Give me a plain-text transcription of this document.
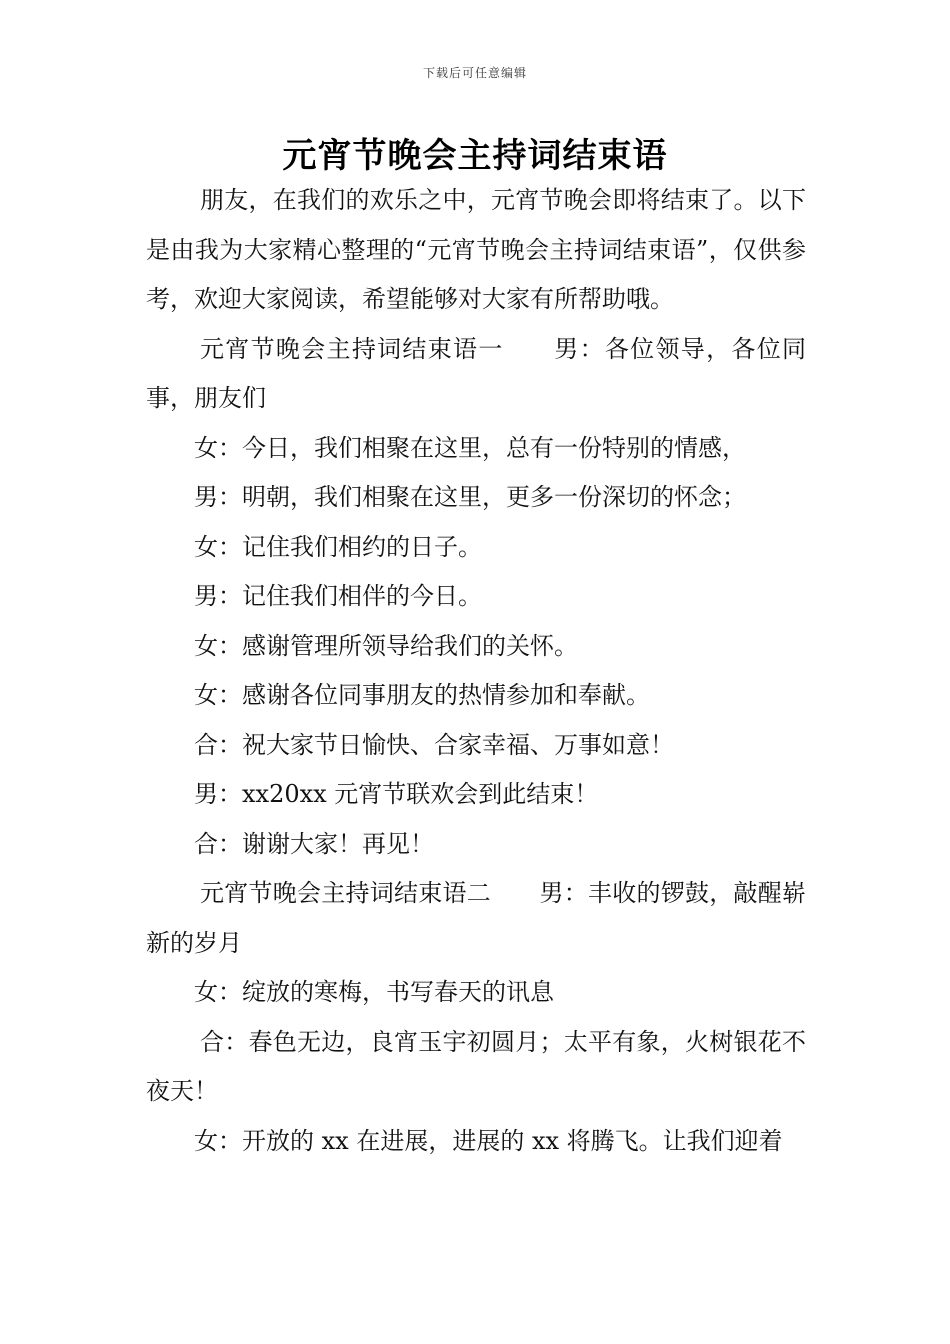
下载后可任意编辑
元宵节晚会主持词结束语

朋友，在我们的欢乐之中，元宵节晚会即将结束了。以下是由我为大家精心整理的“元宵节晚会主持词结束语”，仅供参考，欢迎大家阅读，希望能够对大家有所帮助哦。

元宵节晚会主持词结束语一　　男：各位领导，各位同事，朋友们

女：今日，我们相聚在这里，总有一份特别的情感，

男：明朝，我们相聚在这里，更多一份深切的怀念；

女：记住我们相约的日子。

男：记住我们相伴的今日。

女：感谢管理所领导给我们的关怀。

女：感谢各位同事朋友的热情参加和奉献。

合：祝大家节日愉快、合家幸福、万事如意！

男：xx20xx 元宵节联欢会到此结束！

合：谢谢大家！再见！

元宵节晚会主持词结束语二　　男：丰收的锣鼓，敲醒崭新的岁月

女：绽放的寒梅，书写春天的讯息

合：春色无边，良宵玉宇初圆月；太平有象，火树银花不夜天！

女：开放的 xx 在进展，进展的 xx 将腾飞。让我们迎着
